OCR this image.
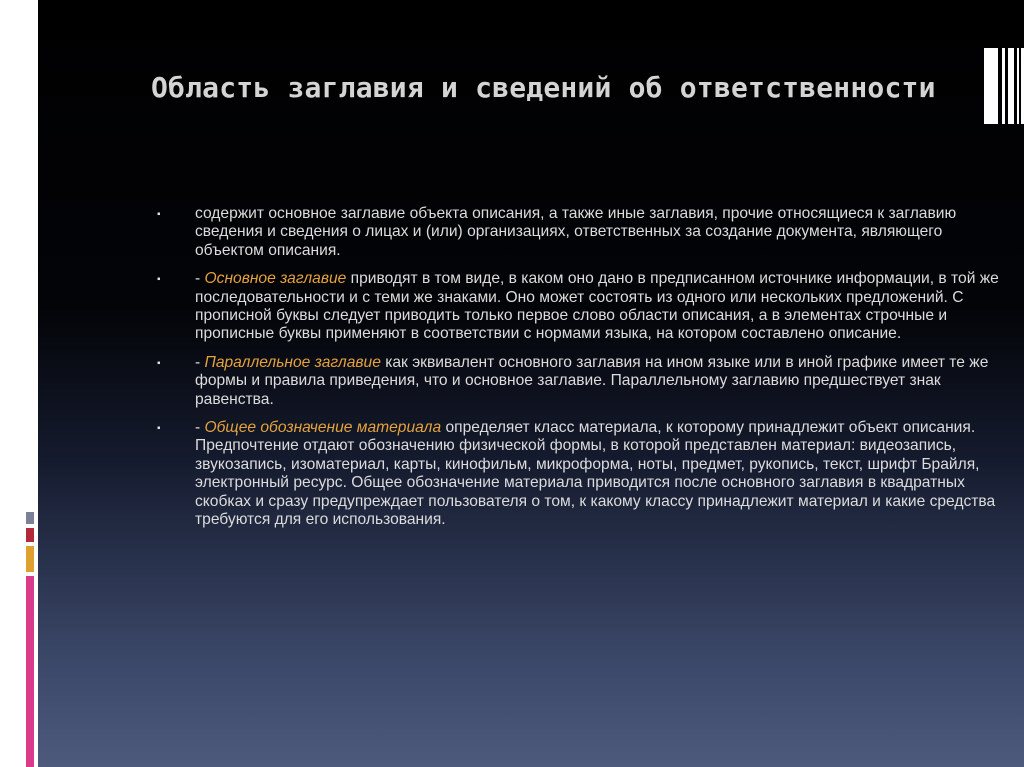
Область заглавия и сведений об ответственности
▪ содержит основное заглавие объекта описания, а также иные заглавия, прочие относящиеся к заглавию сведения и сведения о лицах и (или) организациях, ответственных за создание документа, являющего объектом описания.
▪ - Основное заглавие приводят в том виде, в каком оно дано в предписанном источнике информации, в той же последовательности и с теми же знаками. Оно может состоять из одного или нескольких предложений. С прописной буквы следует приводить только первое слово области описания, а в элементах строчные и прописные буквы применяют в соответствии с нормами языка, на котором составлено описание.
▪ - Параллельное заглавие как эквивалент основного заглавия на ином языке или в иной графике имеет те же формы и правила приведения, что и основное заглавие. Параллельному заглавию предшествует знак равенства.
▪ - Общее обозначение материала определяет класс материала, к которому принадлежит объект описания. Предпочтение отдают обозначению физической формы, в которой представлен материал: видеозапись, звукозапись, изоматериал, карты, кинофильм, микроформа, ноты, предмет, рукопись, текст, шрифт Брайля, электронный ресурс. Общее обозначение материала приводится после основного заглавия в квадратных скобках и сразу предупреждает пользователя о том, к какому классу принадлежит материал и какие средства требуются для его использования.
